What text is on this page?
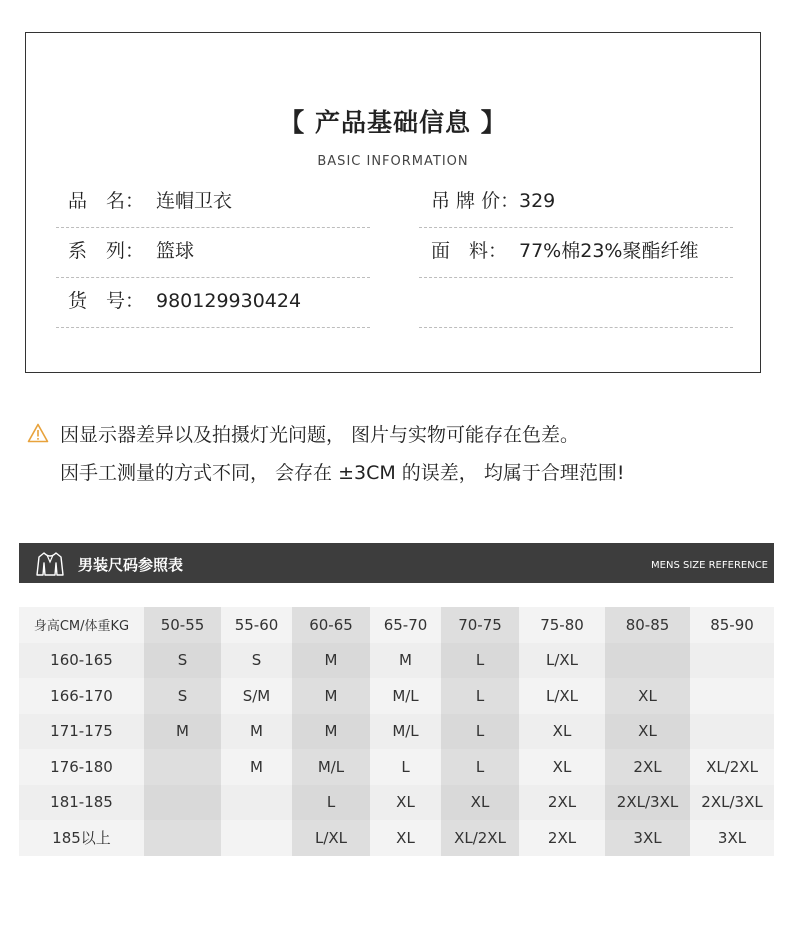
【 产品基础信息 】
BASIC INFORMATION
品　名： 连帽卫衣	吊 牌 价：329
系　列： 篮球	面　料： 77%棉23%聚酯纤维
货　号： 980129930424
因显示器差异以及拍摄灯光问题， 图片与实物可能存在色差。
因手工测量的方式不同， 会存在 ±3CM 的误差， 均属于合理范围!
男装尺码参照表	MENS SIZE REFERENCE
身高CM/体重KG	50-55	55-60	60-65	65-70	70-75	75-80	80-85	85-90
160-165	S	S	M	M	L	L/XL		
166-170	S	S/M	M	M/L	L	L/XL	XL	
171-175	M	M	M	M/L	L	XL	XL	
176-180		M	M/L	L	L	XL	2XL	XL/2XL
181-185			L	XL	XL	2XL	2XL/3XL	2XL/3XL
185以上			L/XL	XL	XL/2XL	2XL	3XL	3XL
